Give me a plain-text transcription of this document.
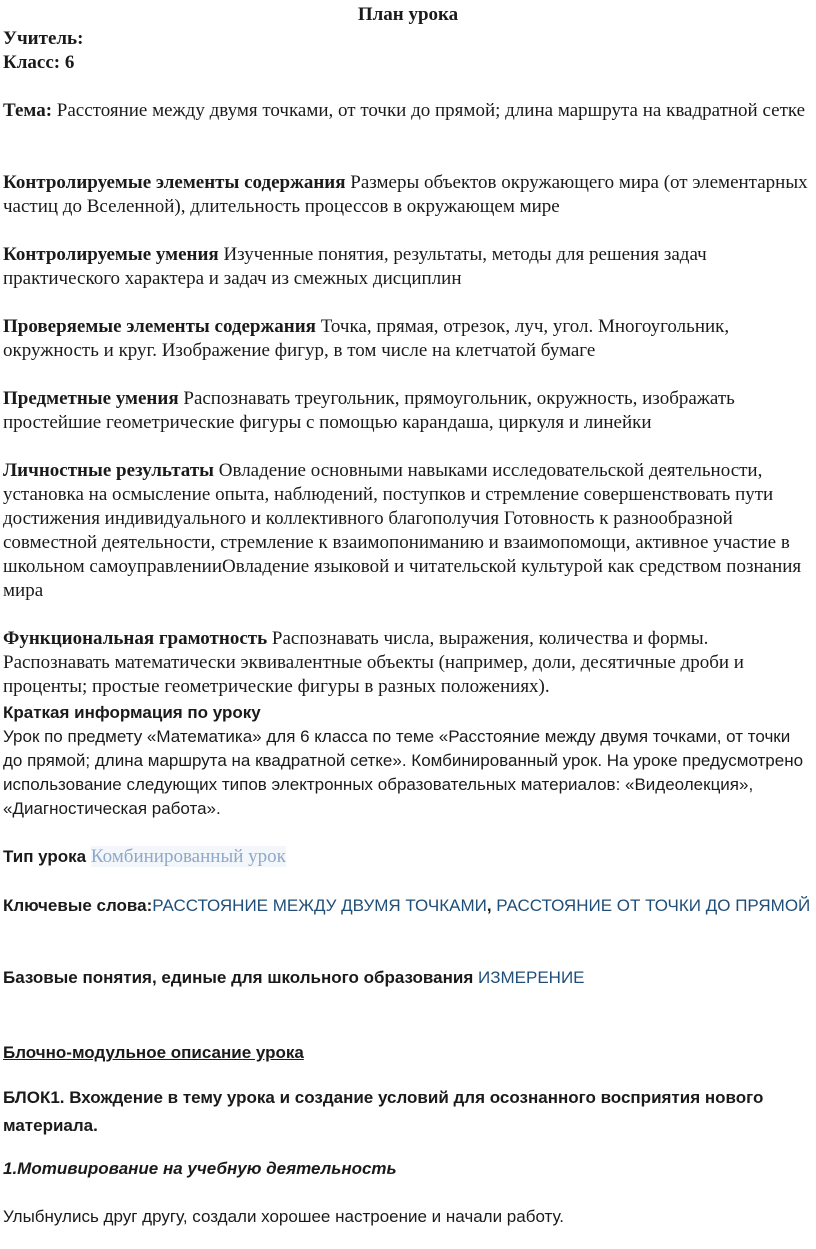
План урока

Учитель:

Класс: 6

Тема: Расстояние между двумя точками, от точки до прямой; длина маршрута на квадратной сетке

Контролируемые элементы содержания Размеры объектов окружающего мира (от элементарных частиц до Вселенной), длительность процессов в окружающем мире

Контролируемые умения Изученные понятия, результаты, методы для решения задач практического характера и задач из смежных дисциплин

Проверяемые элементы содержания Точка, прямая, отрезок, луч, угол. Многоугольник, окружность и круг. Изображение фигур, в том числе на клетчатой бумаге

Предметные умения Распознавать треугольник, прямоугольник, окружность, изображать простейшие геометрические фигуры с помощью карандаша, циркуля и линейки

Личностные результаты Овладение основными навыками исследовательской деятельности, установка на осмысление опыта, наблюдений, поступков и стремление совершенствовать пути достижения индивидуального и коллективного благополучия Готовность к разнообразной совместной деятельности, стремление к взаимопониманию и взаимопомощи, активное участие в школьном самоуправленииОвладение языковой и читательской культурой как средством познания мира

Функциональная грамотность Распознавать числа, выражения, количества и формы. Распознавать математически эквивалентные объекты (например, доли, десятичные дроби и проценты; простые геометрические фигуры в разных положениях).

Краткая информация по уроку

Урок по предмету «Математика» для 6 класса по теме «Расстояние между двумя точками, от точки до прямой; длина маршрута на квадратной сетке». Комбинированный урок. На уроке предусмотрено использование следующих типов электронных образовательных материалов: «Видеолекция», «Диагностическая работа».

Тип урока Комбинированный урок

Ключевые слова:РАССТОЯНИЕ МЕЖДУ ДВУМЯ ТОЧКАМИ, РАССТОЯНИЕ ОТ ТОЧКИ ДО ПРЯМОЙ

Базовые понятия, единые для школьного образования ИЗМЕРЕНИЕ

Блочно-модульное описание урока

БЛОК1. Вхождение в тему урока и создание условий для осознанного восприятия нового материала.

1.Мотивирование на учебную деятельность

Улыбнулись друг другу, создали хорошее настроение и начали работу.
